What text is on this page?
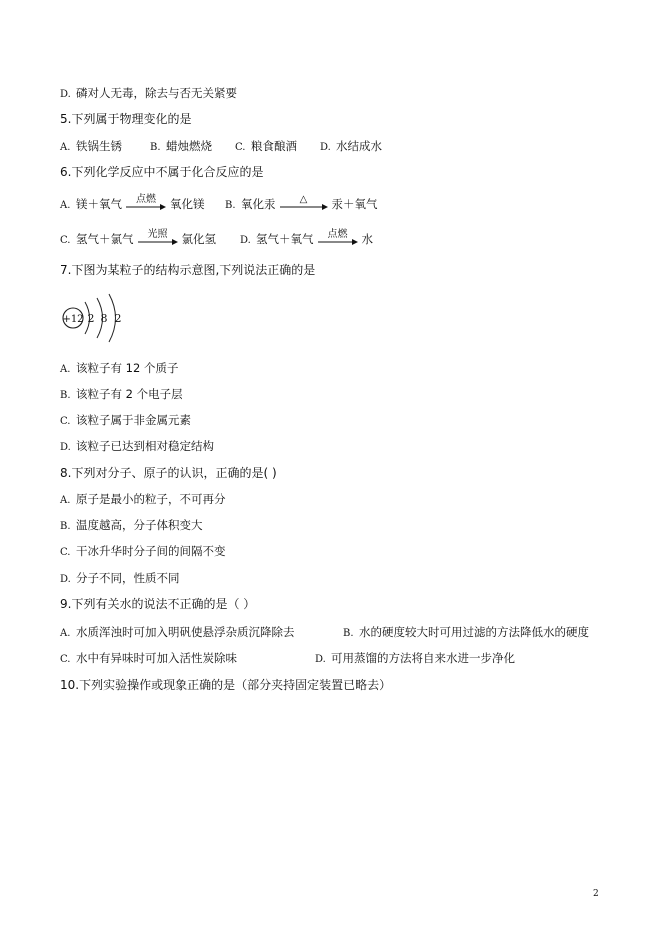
D. 磷对人无毒，除去与否无关紧要
5.下列属于物理变化的是
A. 铁锅生锈	B. 蜡烛燃烧 C. 粮食酿酒 D. 水结成水
6.下列化学反应中不属于化合反应的是
A. 镁＋氧气	点燃	氧化镁 B. 氧化汞	△	汞＋氧气
C. 氢气＋氯气	光照	氯化氢 D. 氢气＋氧气	点燃	水
7.下图为某粒子的结构示意图,下列说法正确的是
+12 2 8 2
A. 该粒子有 12 个质子
B. 该粒子有 2 个电子层
C. 该粒子属于非金属元素
D. 该粒子已达到相对稳定结构
8.下列对分子、原子的认识，正确的是( )
A. 原子是最小的粒子，不可再分
B. 温度越高，分子体积变大
C. 干冰升华时分子间的间隔不变
D. 分子不同，性质不同
9.下列有关水的说法不正确的是（ ）
A. 水质浑浊时可加入明矾使悬浮杂质沉降除去	B. 水的硬度较大时可用过滤的方法降低水的硬度
C. 水中有异味时可加入活性炭除味	D. 可用蒸馏的方法将自来水进一步净化
10.下列实验操作或现象正确的是（部分夹持固定装置已略去）
2
